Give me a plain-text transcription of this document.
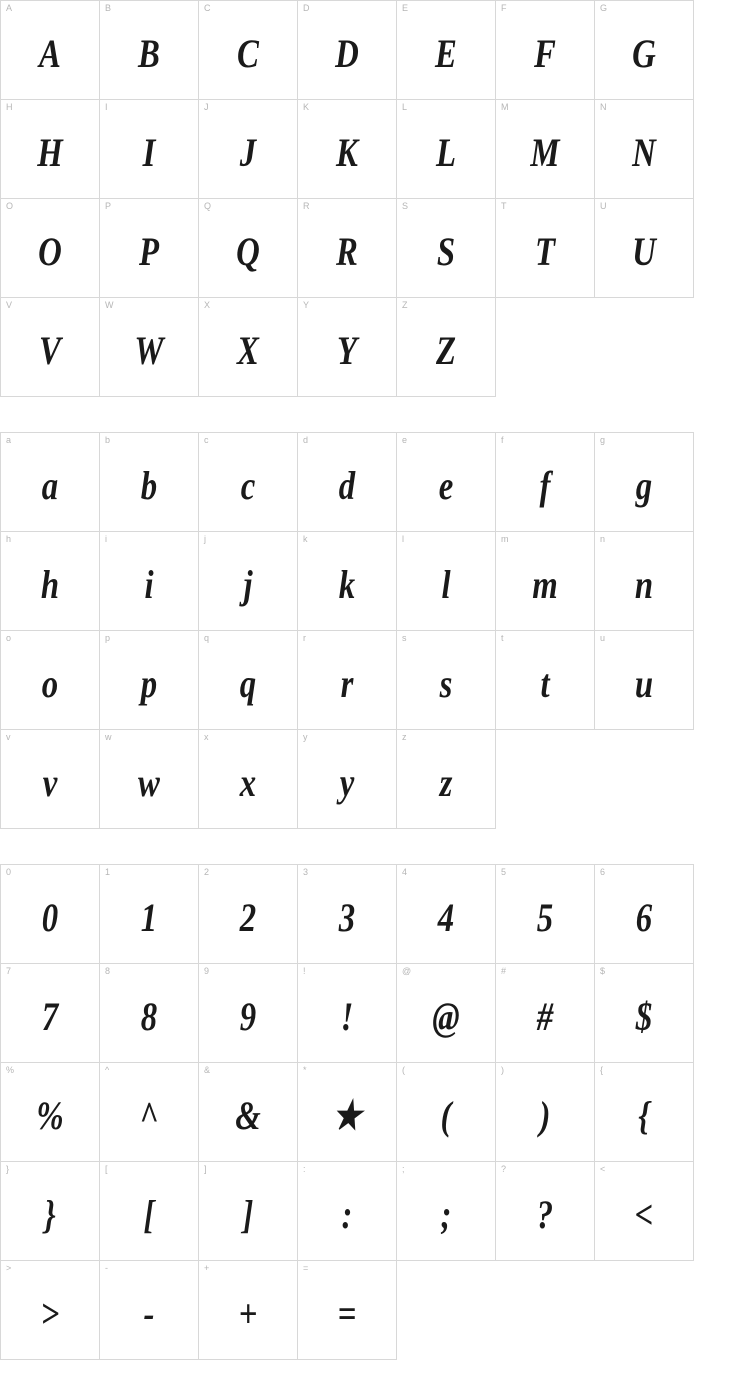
A
A
B
B
C
C
D
D
E
E
F
F
G
G
H
H
I
I
J
J
K
K
L
L
M
M
N
N
O
O
P
P
Q
Q
R
R
S
S
T
T
U
U
V
V
W
W
X
X
Y
Y
Z
Z
a
a
b
b
c
c
d
d
e
e
f
f
g
g
h
h
i
i
j
j
k
k
l
l
m
m
n
n
o
o
p
p
q
q
r
r
s
s
t
t
u
u
v
v
w
w
x
x
y
y
z
z
0
0
1
1
2
2
3
3
4
4
5
5
6
6
7
7
8
8
9
9
!
!
@
@
#
#
$
$
%
%
^
^
&
&
*
★
(
(
)
)
{
{
}
}
[
[
]
]
:
:
;
;
?
?
<
<
>
>
-
-
+
+
=
=
